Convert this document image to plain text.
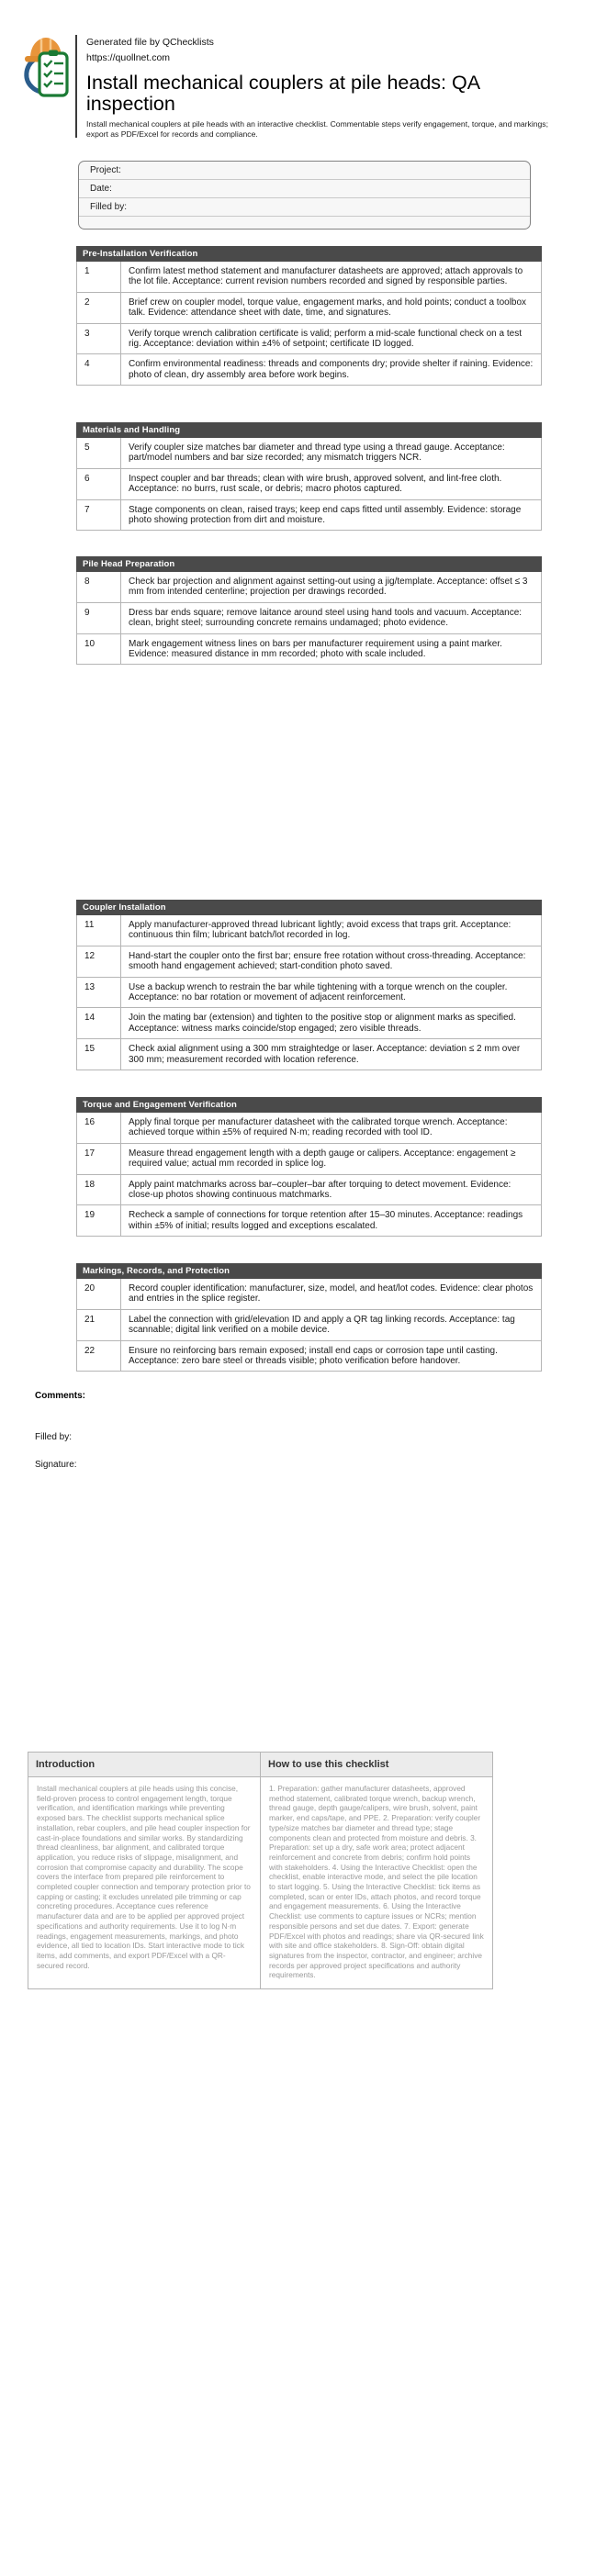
Generated file by QChecklists
https://quollnet.com
Install mechanical couplers at pile heads: QA inspection

Install mechanical couplers at pile heads with an interactive checklist. Commentable steps verify engagement, torque, and markings; export as PDF/Excel for records and compliance.

Project:
Date:
Filled by:
Pre-Installation Verification
1	Confirm latest method statement and manufacturer datasheets are approved; attach approvals to the lot file. Acceptance: current revision numbers recorded and signed by responsible parties.
2	Brief crew on coupler model, torque value, engagement marks, and hold points; conduct a toolbox talk. Evidence: attendance sheet with date, time, and signatures.
3	Verify torque wrench calibration certificate is valid; perform a mid-scale functional check on a test rig. Acceptance: deviation within ±4% of setpoint; certificate ID logged.
4	Confirm environmental readiness: threads and components dry; provide shelter if raining. Evidence: photo of clean, dry assembly area before work begins.
Materials and Handling
5	Verify coupler size matches bar diameter and thread type using a thread gauge. Acceptance: part/model numbers and bar size recorded; any mismatch triggers NCR.
6	Inspect coupler and bar threads; clean with wire brush, approved solvent, and lint-free cloth. Acceptance: no burrs, rust scale, or debris; macro photos captured.
7	Stage components on clean, raised trays; keep end caps fitted until assembly. Evidence: storage photo showing protection from dirt and moisture.
Pile Head Preparation
8	Check bar projection and alignment against setting-out using a jig/template. Acceptance: offset ≤ 3 mm from intended centerline; projection per drawings recorded.
9	Dress bar ends square; remove laitance around steel using hand tools and vacuum. Acceptance: clean, bright steel; surrounding concrete remains undamaged; photo evidence.
10	Mark engagement witness lines on bars per manufacturer requirement using a paint marker. Evidence: measured distance in mm recorded; photo with scale included.
Coupler Installation
11	Apply manufacturer-approved thread lubricant lightly; avoid excess that traps grit. Acceptance: continuous thin film; lubricant batch/lot recorded in log.
12	Hand-start the coupler onto the first bar; ensure free rotation without cross-threading. Acceptance: smooth hand engagement achieved; start-condition photo saved.
13	Use a backup wrench to restrain the bar while tightening with a torque wrench on the coupler. Acceptance: no bar rotation or movement of adjacent reinforcement.
14	Join the mating bar (extension) and tighten to the positive stop or alignment marks as specified. Acceptance: witness marks coincide/stop engaged; zero visible threads.
15	Check axial alignment using a 300 mm straightedge or laser. Acceptance: deviation ≤ 2 mm over 300 mm; measurement recorded with location reference.
Torque and Engagement Verification
16	Apply final torque per manufacturer datasheet with the calibrated torque wrench. Acceptance: achieved torque within ±5% of required N·m; reading recorded with tool ID.
17	Measure thread engagement length with a depth gauge or calipers. Acceptance: engagement ≥ required value; actual mm recorded in splice log.
18	Apply paint matchmarks across bar–coupler–bar after torquing to detect movement. Evidence: close-up photos showing continuous matchmarks.
19	Recheck a sample of connections for torque retention after 15–30 minutes. Acceptance: readings within ±5% of initial; results logged and exceptions escalated.
Markings, Records, and Protection
20	Record coupler identification: manufacturer, size, model, and heat/lot codes. Evidence: clear photos and entries in the splice register.
21	Label the connection with grid/elevation ID and apply a QR tag linking records. Acceptance: tag scannable; digital link verified on a mobile device.
22	Ensure no reinforcing bars remain exposed; install end caps or corrosion tape until casting. Acceptance: zero bare steel or threads visible; photo verification before handover.
Comments:
Filled by:
Signature:
Introduction
Install mechanical couplers at pile heads using this concise, field-proven process to control engagement length, torque verification, and identification markings while preventing exposed bars. The checklist supports mechanical splice installation, rebar couplers, and pile head coupler inspection for cast-in-place foundations and similar works. By standardizing thread cleanliness, bar alignment, and calibrated torque application, you reduce risks of slippage, misalignment, and corrosion that compromise capacity and durability. The scope covers the interface from prepared pile reinforcement to completed coupler connection and temporary protection prior to capping or casting; it excludes unrelated pile trimming or cap concreting procedures. Acceptance cues reference manufacturer data and are to be applied per approved project specifications and authority requirements. Use it to log N·m readings, engagement measurements, markings, and photo evidence, all tied to location IDs. Start interactive mode to tick items, add comments, and export PDF/Excel with a QR-secured record.
How to use this checklist
1. Preparation: gather manufacturer datasheets, approved method statement, calibrated torque wrench, backup wrench, thread gauge, depth gauge/calipers, wire brush, solvent, paint marker, end caps/tape, and PPE. 2. Preparation: verify coupler type/size matches bar diameter and thread type; stage components clean and protected from moisture and debris. 3. Preparation: set up a dry, safe work area; protect adjacent reinforcement and concrete from debris; confirm hold points with stakeholders. 4. Using the Interactive Checklist: open the checklist, enable interactive mode, and select the pile location to start logging. 5. Using the Interactive Checklist: tick items as completed, scan or enter IDs, attach photos, and record torque and engagement measurements. 6. Using the Interactive Checklist: use comments to capture issues or NCRs; mention responsible persons and set due dates. 7. Export: generate PDF/Excel with photos and readings; share via QR-secured link with site and office stakeholders. 8. Sign-Off: obtain digital signatures from the inspector, contractor, and engineer; archive records per approved project specifications and authority requirements.
